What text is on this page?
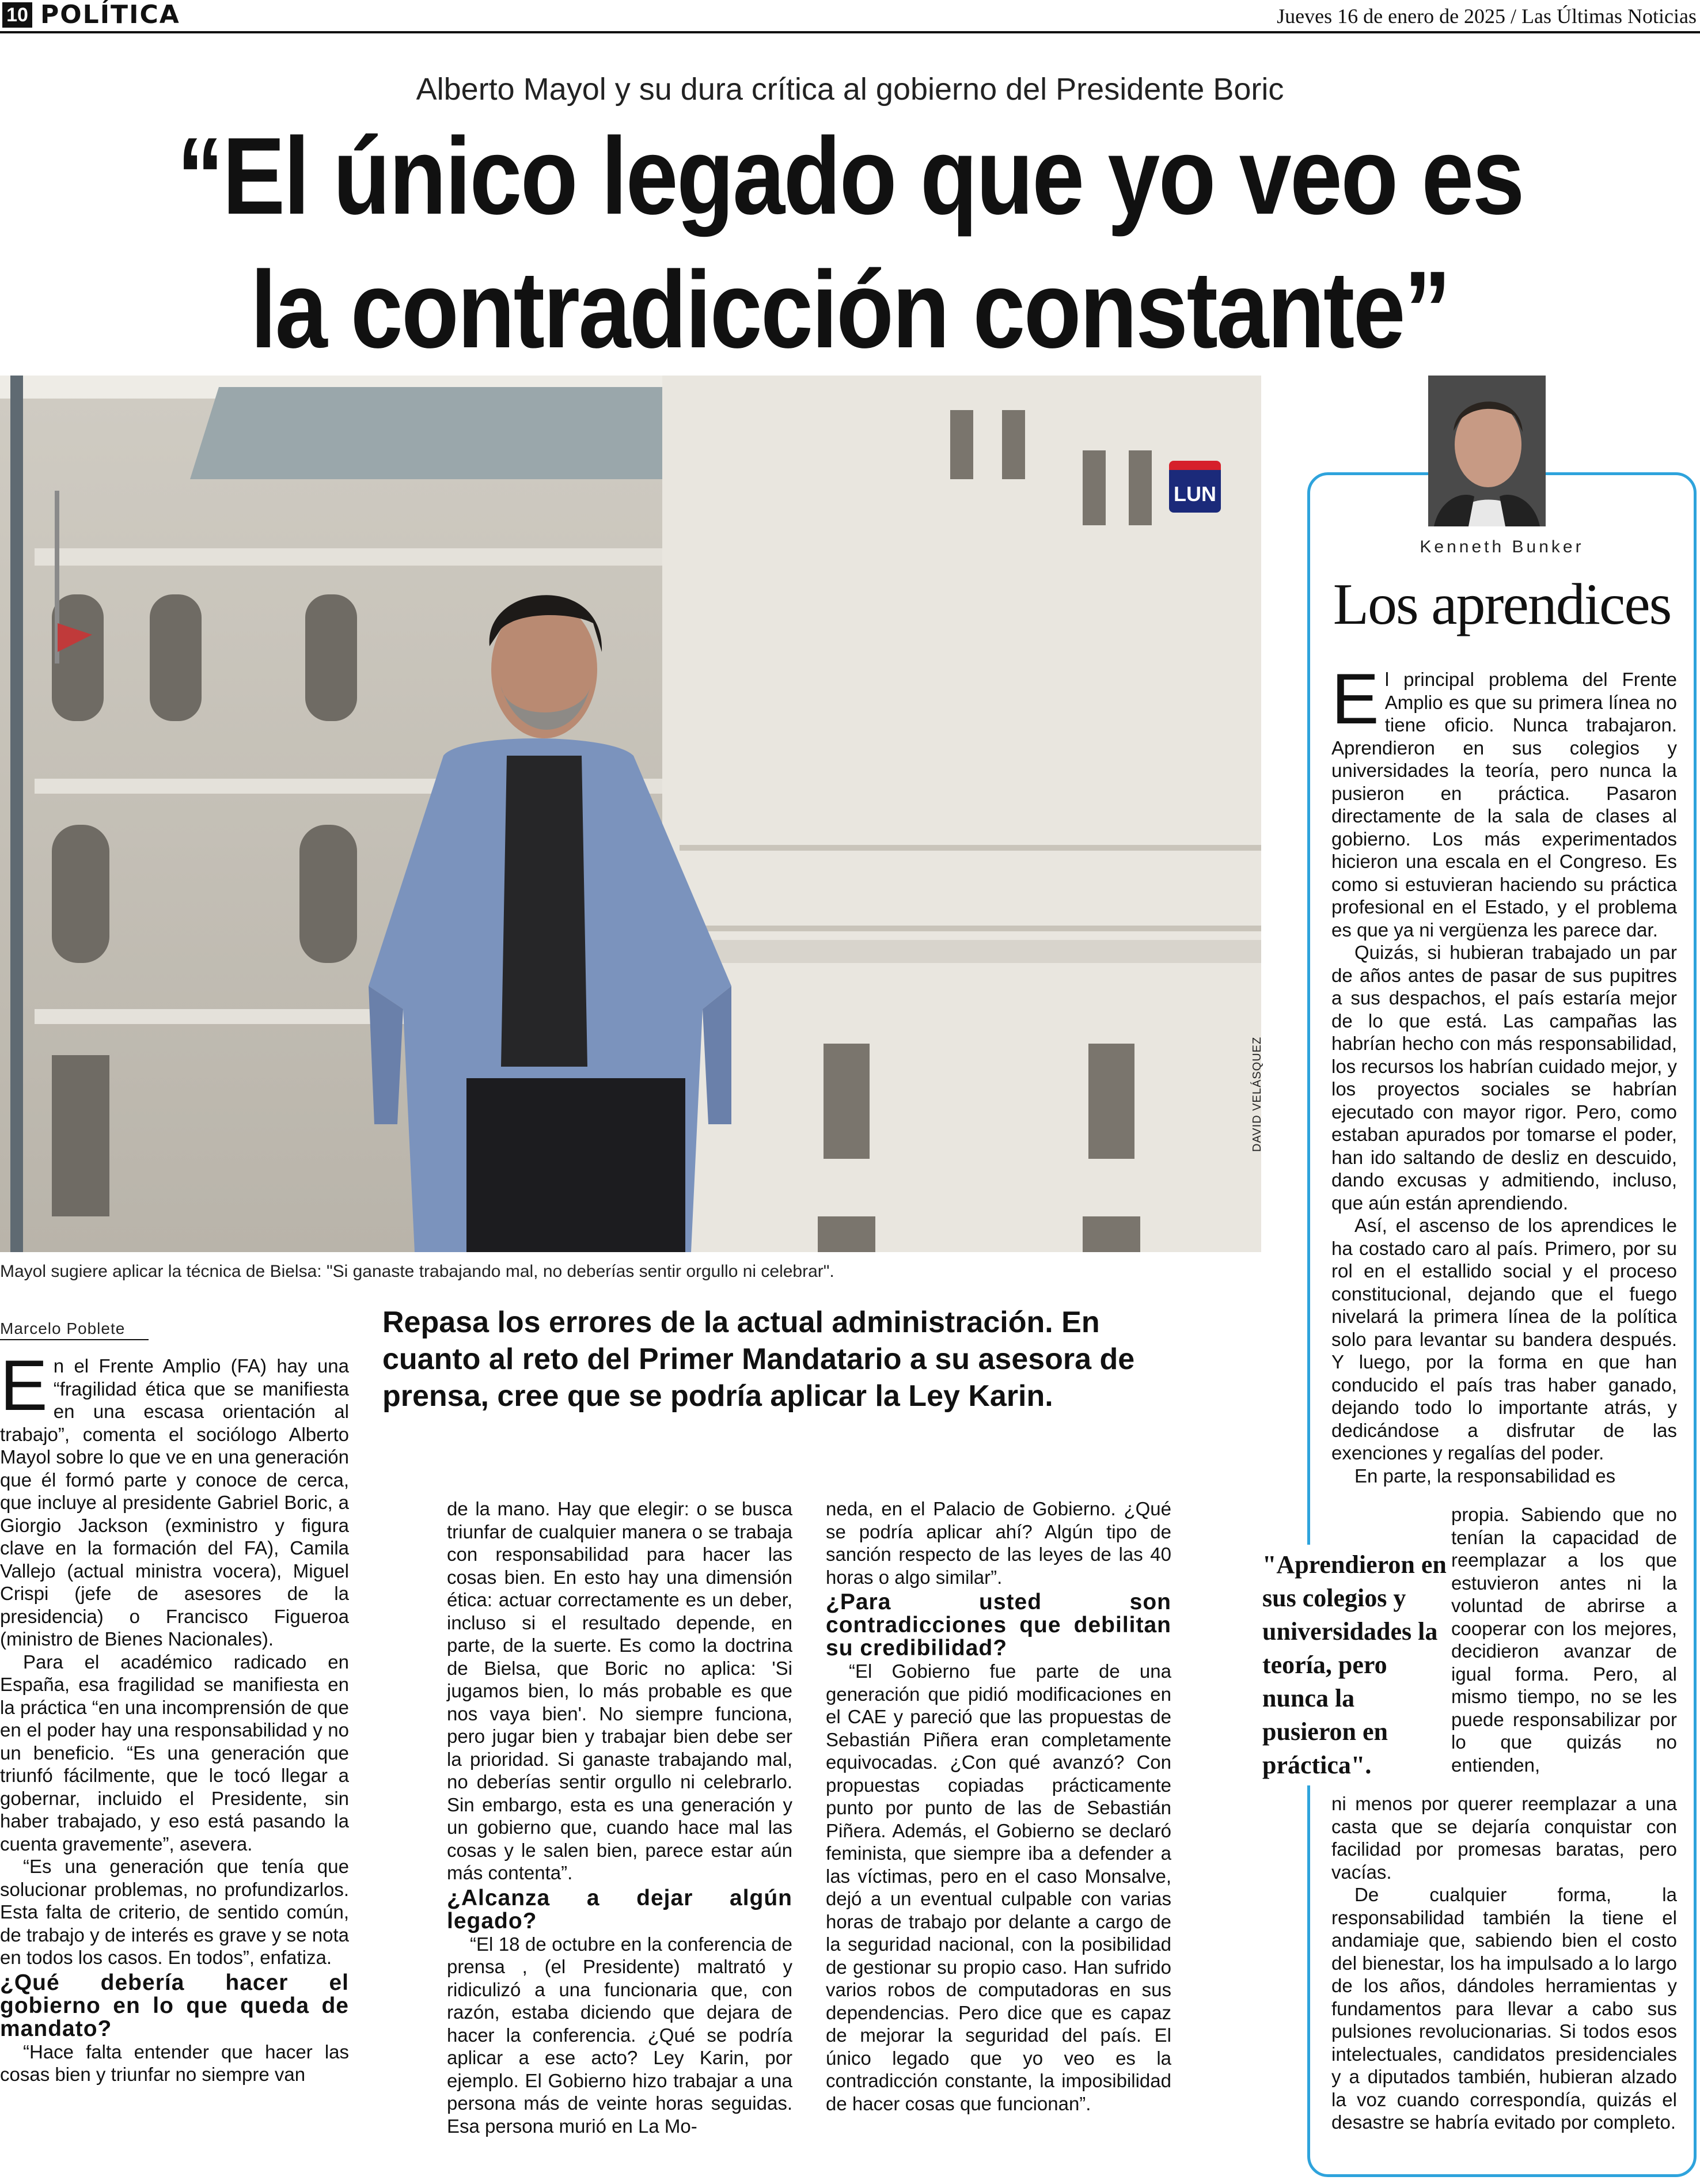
10 POLÍTICA	Jueves 16 de enero de 2025 / Las Últimas Noticias
Alberto Mayol y su dura crítica al gobierno del Presidente Boric
“El único legado que yo veo es la contradicción constante”
LUN
DAVID VELÁSQUEZ
Mayol sugiere aplicar la técnica de Bielsa: "Si ganaste trabajando mal, no deberías sentir orgullo ni celebrar".
Marcelo Poblete	Repasa los errores de la actual administración. En cuanto al reto del Primer Mandatario a su asesora de prensa, cree que se podría aplicar la Ley Karin.
E n el Frente Amplio (FA) hay una “fragilidad ética que se manifiesta en una escasa orientación al trabajo”, comenta el sociólogo Alberto Mayol sobre lo que ve en una generación que él formó parte y conoce de cerca, que incluye al presidente Gabriel Boric, a Giorgio Jackson (exministro y figura clave en la formación del FA), Camila Vallejo (actual ministra vocera), Miguel Crispi (jefe de asesores de la presidencia) o Francisco Figueroa (ministro de Bienes Nacionales).

Para el académico radicado en España, esa fragilidad se manifiesta en la práctica “en una incomprensión de que en el poder hay una responsabilidad y no un beneficio. “Es una generación que triunfó fácilmente, que le tocó llegar a gobernar, incluido el Presidente, sin haber trabajado, y eso está pasando la cuenta gravemente”, asevera.

“Es una generación que tenía que solucionar problemas, no profundizarlos. Esta falta de criterio, de sentido común, de trabajo y de interés es grave y se nota en todos los casos. En todos”, enfatiza.

¿Qué debería hacer el gobierno en lo que queda de mandato?

“Hace falta entender que hacer las cosas bien y triunfar no siempre van

de la mano. Hay que elegir: o se busca triunfar de cualquier manera o se trabaja con responsabilidad para hacer las cosas bien. En esto hay una dimensión ética: actuar correctamente es un deber, incluso si el resultado depende, en parte, de la suerte. Es como la doctrina de Bielsa, que Boric no aplica: 'Si jugamos bien, lo más probable es que nos vaya bien'. No siempre funciona, pero jugar bien y trabajar bien debe ser la prioridad. Si ganaste trabajando mal, no deberías sentir orgullo ni celebrarlo. Sin embargo, esta es una generación y un gobierno que, cuando hace mal las cosas y le salen bien, parece estar aún más contenta”.

¿Alcanza a dejar algún legado?

“El 18 de octubre en la conferencia de prensa , (el Presidente) maltrató y ridiculizó a una funcionaria que, con razón, estaba diciendo que dejara de hacer la conferencia. ¿Qué se podría aplicar a ese acto? Ley Karin, por ejemplo. El Gobierno hizo trabajar a una persona más de veinte horas seguidas. Esa persona murió en La Mo-

neda, en el Palacio de Gobierno. ¿Qué se podría aplicar ahí? Algún tipo de sanción respecto de las leyes de las 40 horas o algo similar”.

¿Para usted son contradicciones que debilitan su credibilidad?

“El Gobierno fue parte de una generación que pidió modificaciones en el CAE y pareció que las propuestas de Sebastián Piñera eran completamente equivocadas. ¿Con qué avanzó? Con propuestas copiadas prácticamente punto por punto de las de Sebastián Piñera. Además, el Gobierno se declaró feminista, que siempre iba a defender a las víctimas, pero en el caso Monsalve, dejó a un eventual culpable con varias horas de trabajo por delante a cargo de la seguridad nacional, con la posibilidad de gestionar su propio caso. Han sufrido varios robos de computadoras en sus dependencias. Pero dice que es capaz de mejorar la seguridad del país. El único legado que yo veo es la contradicción constante, la imposibilidad de hacer cosas que funcionan”.

Kenneth Bunker
Los aprendices
E l principal problema del Frente Amplio es que su primera línea no tiene oficio. Nunca trabajaron. Aprendieron en sus colegios y universidades la teoría, pero nunca la pusieron en práctica. Pasaron directamente de la sala de clases al gobierno. Los más experimentados hicieron una escala en el Congreso. Es como si estuvieran haciendo su práctica profesional en el Estado, y el problema es que ya ni vergüenza les parece dar.

Quizás, si hubieran trabajado un par de años antes de pasar de sus pupitres a sus despachos, el país estaría mejor de lo que está. Las campañas las habrían hecho con más responsabilidad, los recursos los habrían cuidado mejor, y los proyectos sociales se habrían ejecutado con mayor rigor. Pero, como estaban apurados por tomarse el poder, han ido saltando de desliz en descuido, dando excusas y admitiendo, incluso, que aún están aprendiendo.

Así, el ascenso de los aprendices le ha costado caro al país. Primero, por su rol en el estallido social y el proceso constitucional, dejando que el fuego nivelará la primera línea de la política solo para levantar su bandera después. Y luego, por la forma en que han conducido el país tras haber ganado, dejando todo lo importante atrás, y dedicándose a disfrutar de las exenciones y regalías del poder.

En parte, la responsabilidad es

propia. Sabiendo que no tenían la capacidad de reemplazar a los que estuvieron antes ni la voluntad de abrirse a cooperar con los mejores, decidieron avanzar de igual forma. Pero, al mismo tiempo, no se les puede responsabilizar por lo que quizás no entienden,

"Aprendieron en sus colegios y universidades la teoría, pero nunca la pusieron en práctica".

ni menos por querer reemplazar a una casta que se dejaría conquistar con facilidad por promesas baratas, pero vacías.

De cualquier forma, la responsabilidad también la tiene el andamiaje que, sabiendo bien el costo del bienestar, los ha impulsado a lo largo de los años, dándoles herramientas y fundamentos para llevar a cabo sus pulsiones revolucionarias. Si todos esos intelectuales, candidatos presidenciales y a diputados también, hubieran alzado la voz cuando correspondía, quizás el desastre se habría evitado por completo.
